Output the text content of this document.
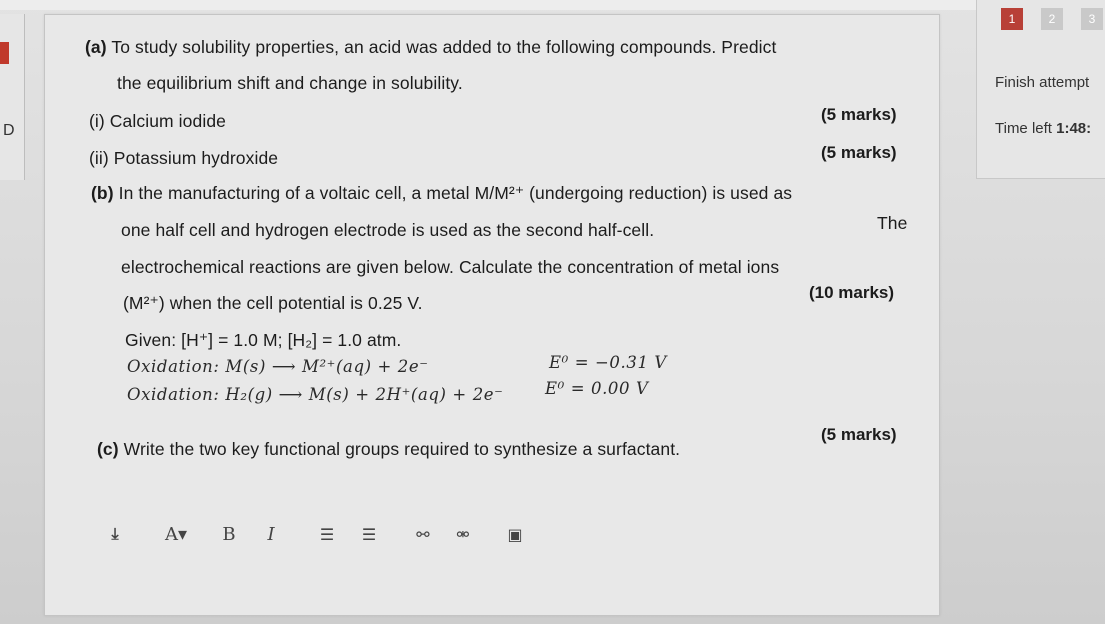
D
(a) To study solubility properties, an acid was added to the following compounds. Predict
the equilibrium shift and change in solubility.
(i) Calcium iodide	(5 marks)
(ii) Potassium hydroxide	(5 marks)
(b) In the manufacturing of a voltaic cell, a metal M/M²⁺ (undergoing reduction) is used as
one half cell and hydrogen electrode is used as the second half-cell.	The
electrochemical reactions are given below. Calculate the concentration of metal ions
(M²⁺) when the cell potential is 0.25 V.
(10 marks)
Given: [H⁺] = 1.0 M; [H₂] = 1.0 atm.
Oxidation: M(s) ⟶ M²⁺(aq) + 2e⁻	E⁰ = −0.31 V
Oxidation: H₂(g) ⟶ M(s) + 2H⁺(aq) + 2e⁻	E⁰ = 0.00 V
(c) Write the two key functional groups required to synthesize a surfactant.
(5 marks)
⤓	A▾	B	I	☰	☰	⚯	⚮	▣
1	2	3
Finish attempt
Time left 1:48:
